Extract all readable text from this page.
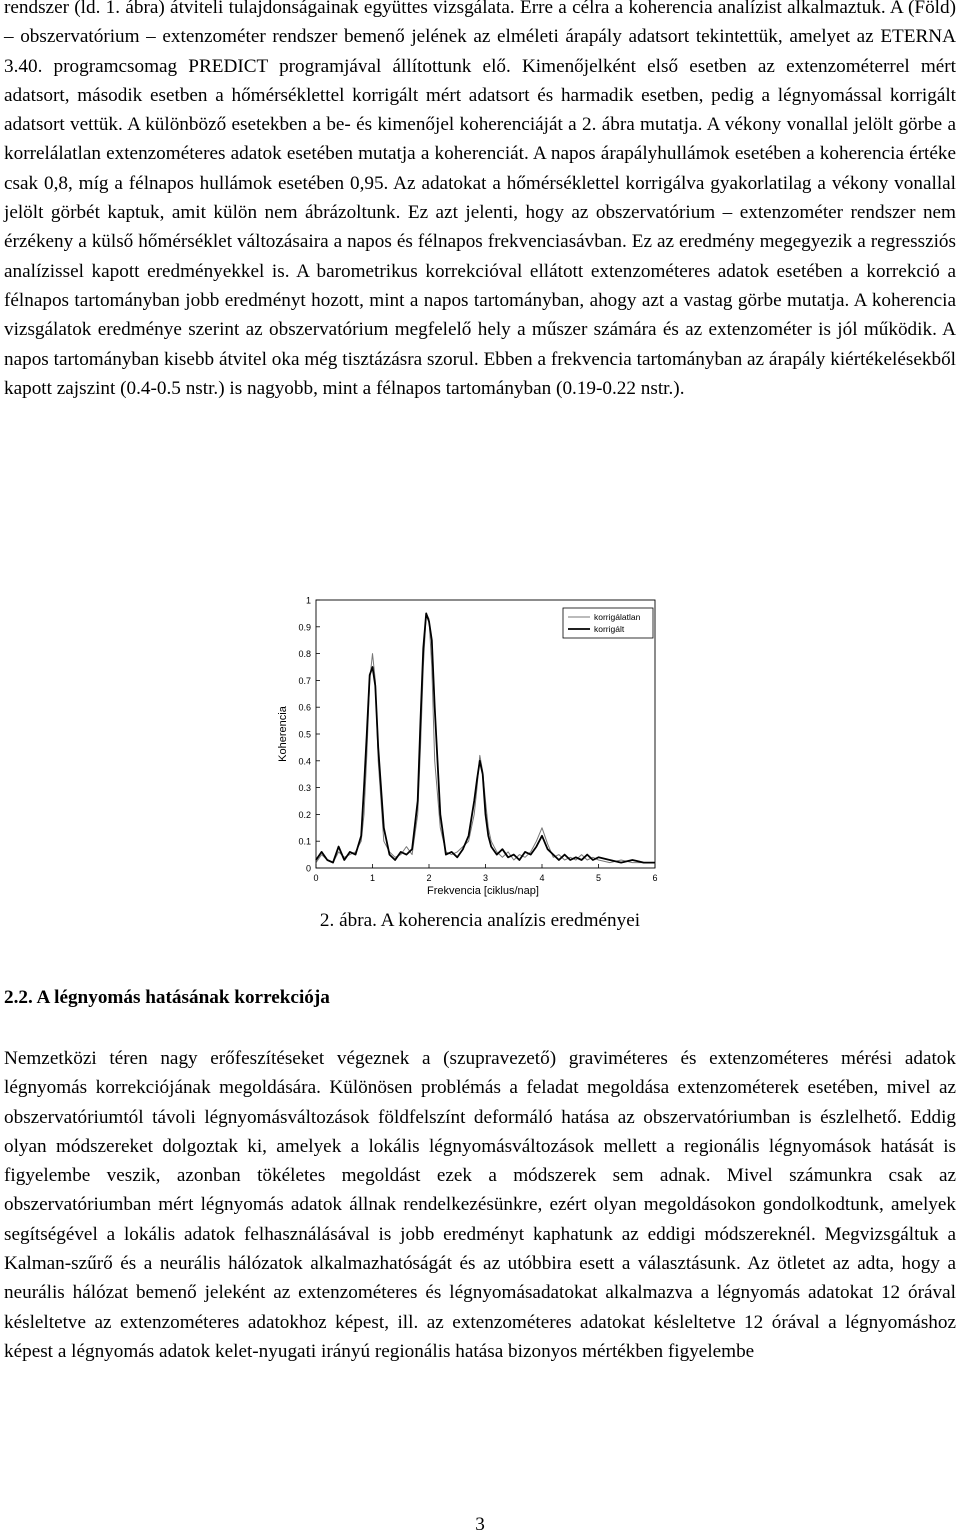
rendszer (ld. 1. ábra) átviteli tulajdonságainak együttes vizsgálata. Erre a célra a koherencia analízist alkalmaztuk. A (Föld) – obszervatórium – extenzométer rendszer bemenő jelének az elméleti árapály adatsort tekintettük, amelyet az ETERNA 3.40. programcsomag PREDICT programjával állítottunk elő. Kimenőjelként első esetben az extenzométerrel mért adatsort, második esetben a hőmérséklettel korrigált mért adatsort és harmadik esetben, pedig a légnyomással korrigált adatsort vettük. A különböző esetekben a be- és kimenőjel koherenciáját a 2. ábra mutatja. A vékony vonallal jelölt görbe a korrelálatlan extenzométeres adatok esetében mutatja a koherenciát. A napos árapályhullámok esetében a koherencia értéke csak 0,8, míg a félnapos hullámok esetében 0,95. Az adatokat a hőmérséklettel korrigálva gyakorlatilag a vékony vonallal jelölt görbét kaptuk, amit külön nem ábrázoltunk. Ez azt jelenti, hogy az obszervatórium – extenzométer rendszer nem érzékeny a külső hőmérséklet változásaira a napos és félnapos frekvenciasávban. Ez az eredmény megegyezik a regressziós analízissel kapott eredményekkel is. A barometrikus korrekcióval ellátott extenzométeres adatok esetében a korrekció a félnapos tartományban jobb eredményt hozott, mint a napos tartományban, ahogy azt a vastag görbe mutatja. A koherencia vizsgálatok eredménye szerint az obszervatórium megfelelő hely a műszer számára és az extenzométer is jól működik. A napos tartományban kisebb átvitel oka még tisztázásra szorul. Ebben a frekvencia tartományban az árapály kiértékelésekből kapott zajszint (0.4-0.5 nstr.) is nagyobb, mint a félnapos tartományban (0.19-0.22 nstr.).

Koherencia
Frekvencia [ciklus/nap]
0
0.1
0.2
0.3
0.4
0.5
0.6
0.7
0.8
0.9
1
0	1	2	3	4	5	6
korrigálatlan
korrigált
2. ábra. A koherencia analízis eredményei
2.2. A légnyomás hatásának korrekciója

Nemzetközi téren nagy erőfeszítéseket végeznek a (szupravezető) graviméteres és extenzométeres mérési adatok légnyomás korrekciójának megoldására. Különösen problémás a feladat megoldása extenzométerek esetében, mivel az obszervatóriumtól távoli légnyomásváltozások földfelszínt deformáló hatása az obszervatóriumban is észlelhető. Eddig olyan módszereket dolgoztak ki, amelyek a lokális légnyomásváltozások mellett a regionális légnyomások hatását is figyelembe veszik, azonban tökéletes megoldást ezek a módszerek sem adnak. Mivel számunkra csak az obszervatóriumban mért légnyomás adatok állnak rendelkezésünkre, ezért olyan megoldásokon gondolkodtunk, amelyek segítségével a lokális adatok felhasználásával is jobb eredményt kaphatunk az eddigi módszereknél. Megvizsgáltuk a Kalman-szűrő és a neurális hálózatok alkalmazhatóságát és az utóbbira esett a választásunk. Az ötletet az adta, hogy a neurális hálózat bemenő jeleként az extenzométeres és légnyomásadatokat alkalmazva a légnyomás adatokat 12 órával késleltetve az extenzométeres adatokhoz képest, ill. az extenzométeres adatokat késleltetve 12 órával a légnyomáshoz képest a légnyomás adatok kelet-nyugati irányú regionális hatása bizonyos mértékben figyelembe

3
